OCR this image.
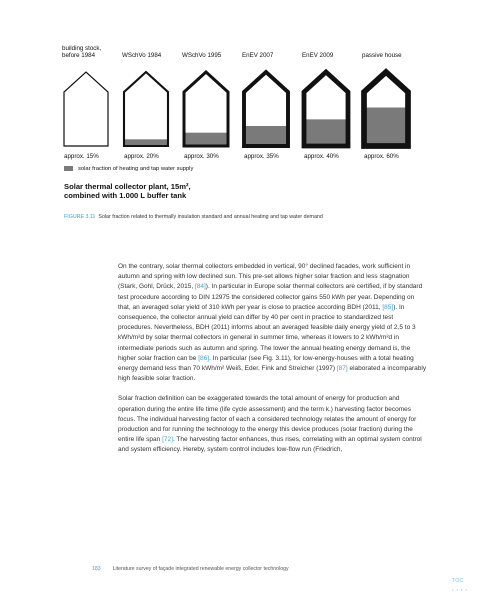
building stock,
before 1984	WSchVo 1984	WSchVo 1995	EnEV 2007	EnEV 2009	passive house
approx. 15%	approx. 20%	approx. 30%	approx. 35%	approx. 40%	approx. 60%
solar fraction of heating and tap water supply
Solar thermal collector plant, 15m²,
combined with 1.000 L buffer tank
FIGURE 3.11 Solar fraction related to thermally insulation standard and annual heating and tap water demand

On the contrary, solar thermal collectors embedded in vertical, 90° declined facades, work sufficient in autumn and spring with low declined sun. This pre-set allows higher solar fraction and less stagnation (Stark, Gohl, Drück, 2015, [84]). In particular in Europe solar thermal collectors are certified, if by standard test procedure according to DIN 12975 the considered collector gains 550 kWh per year. Depending on that, an averaged solar yield of 310 kWh per year is close to practice according BDH (2011, [85]). In consequence, the collector annual yield can differ by 40 per cent in practice to standardized test procedures. Nevertheless, BDH (2011) informs about an averaged feasible daily energy yield of 2,5 to 3 kWh/m²d by solar thermal collectors in general in summer time, whereas it lowers to 2 kWh/m²d in intermediate periods such as autumn and spring. The lower the annual heating energy demand is, the higher solar fraction can be [86]. In particular (see Fig. 3.11), for low-energy-houses with a total heating energy demand less than 70 kWh/m² Weiß, Eder, Fink and Streicher (1997) [87] elaborated a incomparably high feasible solar fraction.

Solar fraction definition can be exaggerated towards the total amount of energy for production and operation during the entire life time (life cycle assessment) and the term k.) harvesting factor becomes focus. The individual harvesting factor of each a considered technology relates the amount of energy for production and for running the technology to the energy this device produces (solar fraction) during the entire life span [72]. The harvesting factor enhances, thus rises, correlating with an optimal system control and system efficiency. Hereby, system control includes low-flow run (Friedrich,

183 Literature survey of façade integrated renewable energy collector technology
TOC
• • • •
